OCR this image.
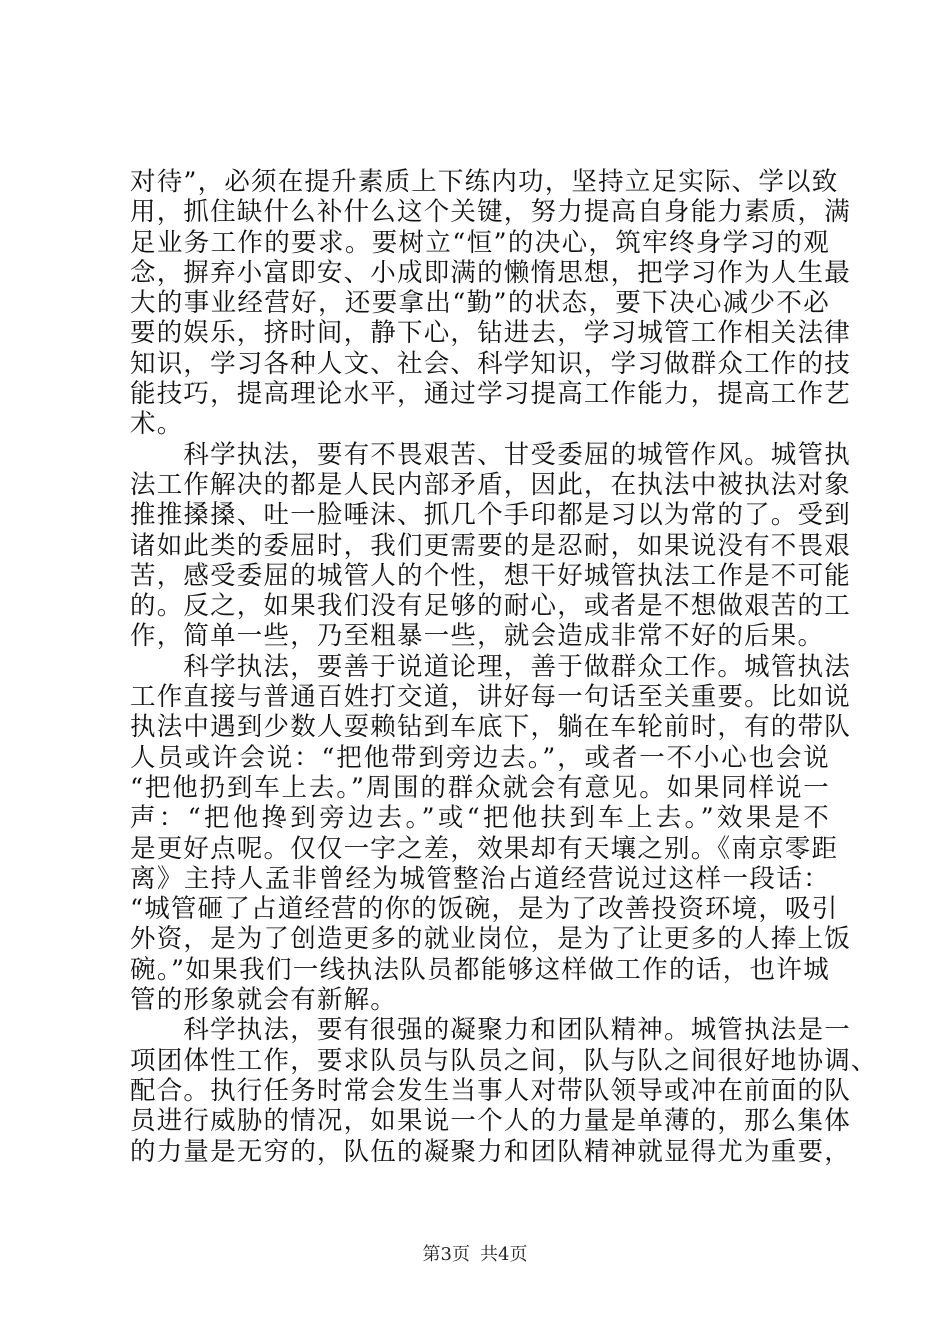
对待”，必须在提升素质上下练内功，坚持立足实际、学以致
用，抓住缺什么补什么这个关键，努力提高自身能力素质，满
足业务工作的要求。要树立“恒”的决心，筑牢终身学习的观
念，摒弃小富即安、小成即满的懒惰思想，把学习作为人生最
大的事业经营好，还要拿出“勤”的状态，要下决心减少不必
要的娱乐，挤时间，静下心，钻进去，学习城管工作相关法律
知识，学习各种人文、社会、科学知识，学习做群众工作的技
能技巧，提高理论水平，通过学习提高工作能力，提高工作艺
术。
　　科学执法，要有不畏艰苦、甘受委屈的城管作风。城管执
法工作解决的都是人民内部矛盾，因此，在执法中被执法对象
推推搡搡、吐一脸唾沫、抓几个手印都是习以为常的了。受到
诸如此类的委屈时，我们更需要的是忍耐，如果说没有不畏艰
苦，感受委屈的城管人的个性，想干好城管执法工作是不可能
的。反之，如果我们没有足够的耐心，或者是不想做艰苦的工
作，简单一些，乃至粗暴一些，就会造成非常不好的后果。
　　科学执法，要善于说道论理，善于做群众工作。城管执法
工作直接与普通百姓打交道，讲好每一句话至关重要。比如说
执法中遇到少数人耍赖钻到车底下，躺在车轮前时，有的带队
人员或许会说：“把他带到旁边去。”，或者一不小心也会说
“把他扔到车上去。”周围的群众就会有意见。如果同样说一
声：“把他搀到旁边去。”或“把他扶到车上去。”效果是不
是更好点呢。仅仅一字之差，效果却有天壤之别。《南京零距
离》主持人孟非曾经为城管整治占道经营说过这样一段话：
“城管砸了占道经营的你的饭碗，是为了改善投资环境，吸引
外资，是为了创造更多的就业岗位，是为了让更多的人捧上饭
碗。”如果我们一线执法队员都能够这样做工作的话，也许城
管的形象就会有新解。
　　科学执法，要有很强的凝聚力和团队精神。城管执法是一
项团体性工作，要求队员与队员之间，队与队之间很好地协调、
配合。执行任务时常会发生当事人对带队领导或冲在前面的队
员进行威胁的情况，如果说一个人的力量是单薄的，那么集体
的力量是无穷的，队伍的凝聚力和团队精神就显得尤为重要，
第3页 共4页
